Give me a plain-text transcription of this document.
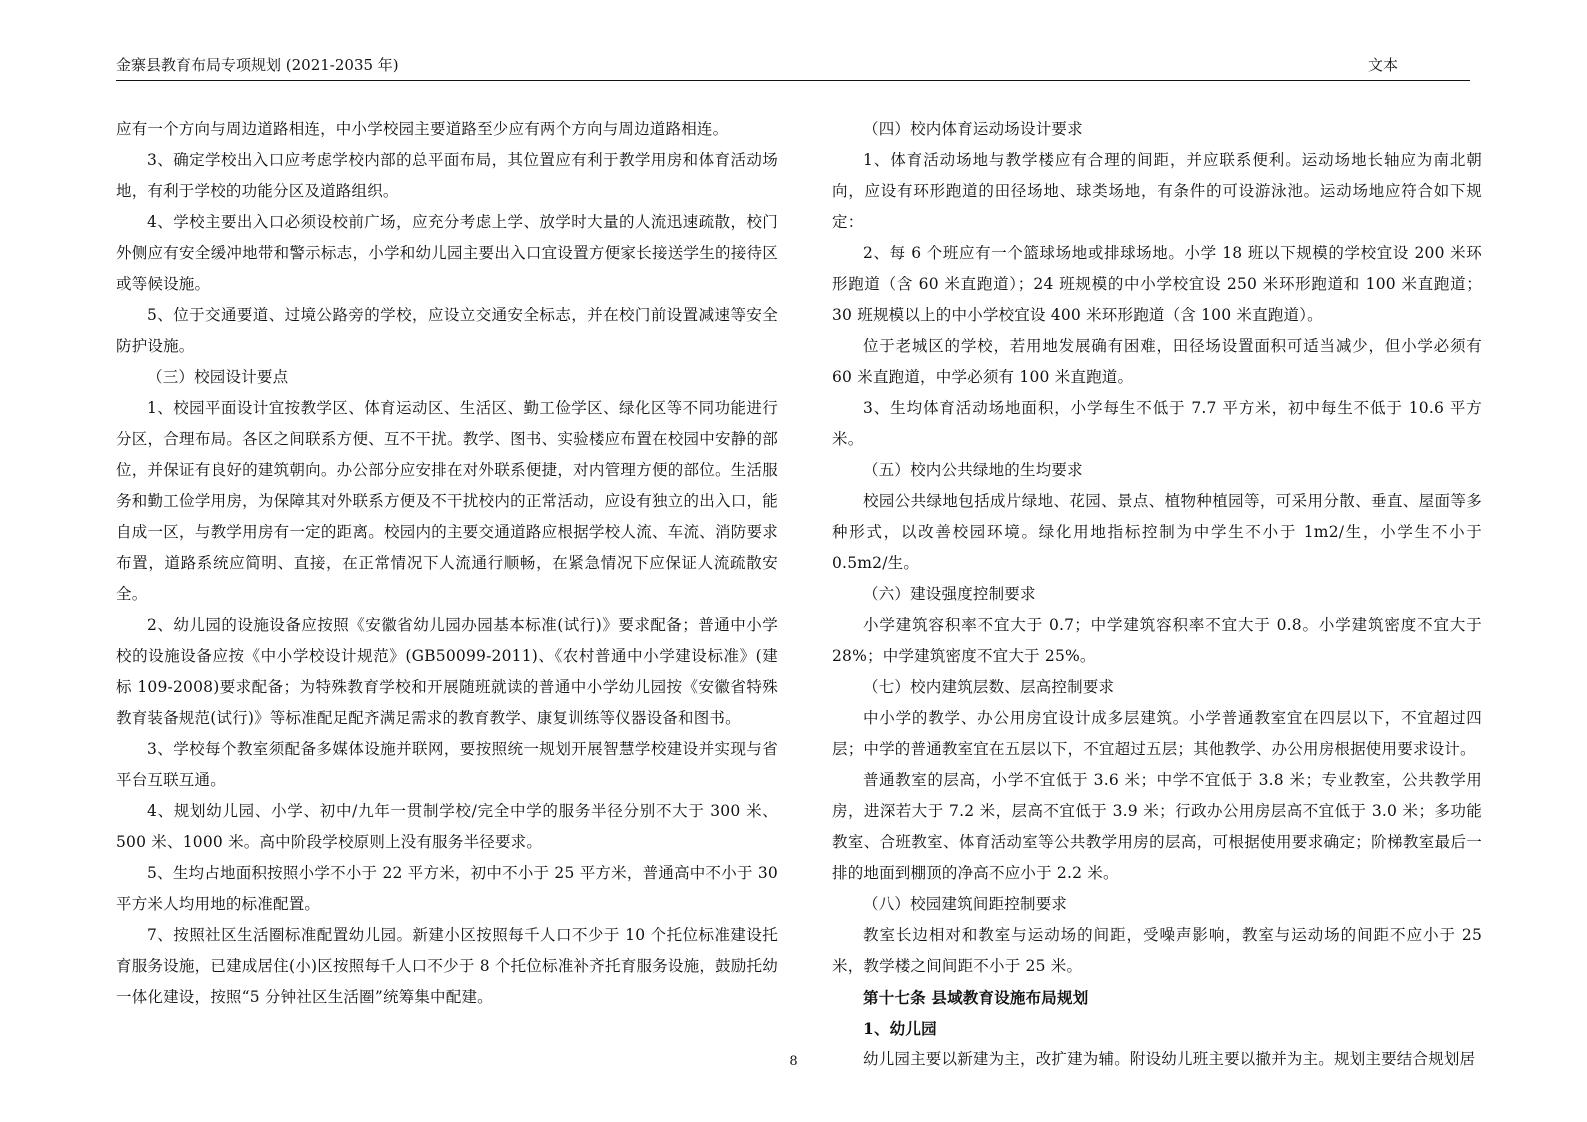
金寨县教育布局专项规划 (2021-2035 年)	文本

应有一个方向与周边道路相连，中小学校园主要道路至少应有两个方向与周边道路相连。

3、确定学校出入口应考虑学校内部的总平面布局，其位置应有利于教学用房和体育活动场地，有利于学校的功能分区及道路组织。

4、学校主要出入口必须设校前广场，应充分考虑上学、放学时大量的人流迅速疏散，校门外侧应有安全缓冲地带和警示标志，小学和幼儿园主要出入口宜设置方便家长接送学生的接待区或等候设施。

5、位于交通要道、过境公路旁的学校，应设立交通安全标志，并在校门前设置减速等安全防护设施。

（三）校园设计要点

1、校园平面设计宜按教学区、体育运动区、生活区、勤工俭学区、绿化区等不同功能进行分区，合理布局。各区之间联系方便、互不干扰。教学、图书、实验楼应布置在校园中安静的部位，并保证有良好的建筑朝向。办公部分应安排在对外联系便捷，对内管理方便的部位。生活服务和勤工俭学用房，为保障其对外联系方便及不干扰校内的正常活动，应设有独立的出入口，能自成一区，与教学用房有一定的距离。校园内的主要交通道路应根据学校人流、车流、消防要求布置，道路系统应简明、直接，在正常情况下人流通行顺畅，在紧急情况下应保证人流疏散安全。

2、幼儿园的设施设备应按照《安徽省幼儿园办园基本标准(试行)》要求配备；普通中小学校的设施设备应按《中小学校设计规范》(GB50099-2011)、《农村普通中小学建设标准》(建标 109-2008)要求配备；为特殊教育学校和开展随班就读的普通中小学幼儿园按《安徽省特殊教育装备规范(试行)》等标准配足配齐满足需求的教育教学、康复训练等仪器设备和图书。

3、学校每个教室须配备多媒体设施并联网，要按照统一规划开展智慧学校建设并实现与省平台互联互通。

4、规划幼儿园、小学、初中/九年一贯制学校/完全中学的服务半径分别不大于 300 米、500 米、1000 米。高中阶段学校原则上没有服务半径要求。

5、生均占地面积按照小学不小于 22 平方米，初中不小于 25 平方米，普通高中不小于 30 平方米人均用地的标准配置。

7、按照社区生活圈标准配置幼儿园。新建小区按照每千人口不少于 10 个托位标准建设托育服务设施，已建成居住(小)区按照每千人口不少于 8 个托位标准补齐托育服务设施，鼓励托幼一体化建设，按照“5 分钟社区生活圈”统筹集中配建。

（四）校内体育运动场设计要求

1、体育活动场地与教学楼应有合理的间距，并应联系便利。运动场地长轴应为南北朝向，应设有环形跑道的田径场地、球类场地，有条件的可设游泳池。运动场地应符合如下规定：

2、每 6 个班应有一个篮球场地或排球场地。小学 18 班以下规模的学校宜设 200 米环形跑道（含 60 米直跑道）；24 班规模的中小学校宜设 250 米环形跑道和 100 米直跑道；30 班规模以上的中小学校宜设 400 米环形跑道（含 100 米直跑道）。

位于老城区的学校，若用地发展确有困难，田径场设置面积可适当减少，但小学必须有 60 米直跑道，中学必须有 100 米直跑道。

3、生均体育活动场地面积，小学每生不低于 7.7 平方米，初中每生不低于 10.6 平方米。

（五）校内公共绿地的生均要求

校园公共绿地包括成片绿地、花园、景点、植物种植园等，可采用分散、垂直、屋面等多种形式，以改善校园环境。绿化用地指标控制为中学生不小于 1m2/生，小学生不小于 0.5m2/生。

（六）建设强度控制要求

小学建筑容积率不宜大于 0.7；中学建筑容积率不宜大于 0.8。小学建筑密度不宜大于 28%；中学建筑密度不宜大于 25%。

（七）校内建筑层数、层高控制要求

中小学的教学、办公用房宜设计成多层建筑。小学普通教室宜在四层以下，不宜超过四层；中学的普通教室宜在五层以下，不宜超过五层；其他教学、办公用房根据使用要求设计。

普通教室的层高，小学不宜低于 3.6 米；中学不宜低于 3.8 米；专业教室，公共教学用房，进深若大于 7.2 米，层高不宜低于 3.9 米；行政办公用房层高不宜低于 3.0 米；多功能教室、合班教室、体育活动室等公共教学用房的层高，可根据使用要求确定；阶梯教室最后一排的地面到棚顶的净高不应小于 2.2 米。

（八）校园建筑间距控制要求

教室长边相对和教室与运动场的间距，受噪声影响，教室与运动场的间距不应小于 25 米，教学楼之间间距不小于 25 米。

第十七条 县域教育设施布局规划

1、幼儿园

幼儿园主要以新建为主，改扩建为辅。附设幼儿班主要以撤并为主。规划主要结合规划居

8
